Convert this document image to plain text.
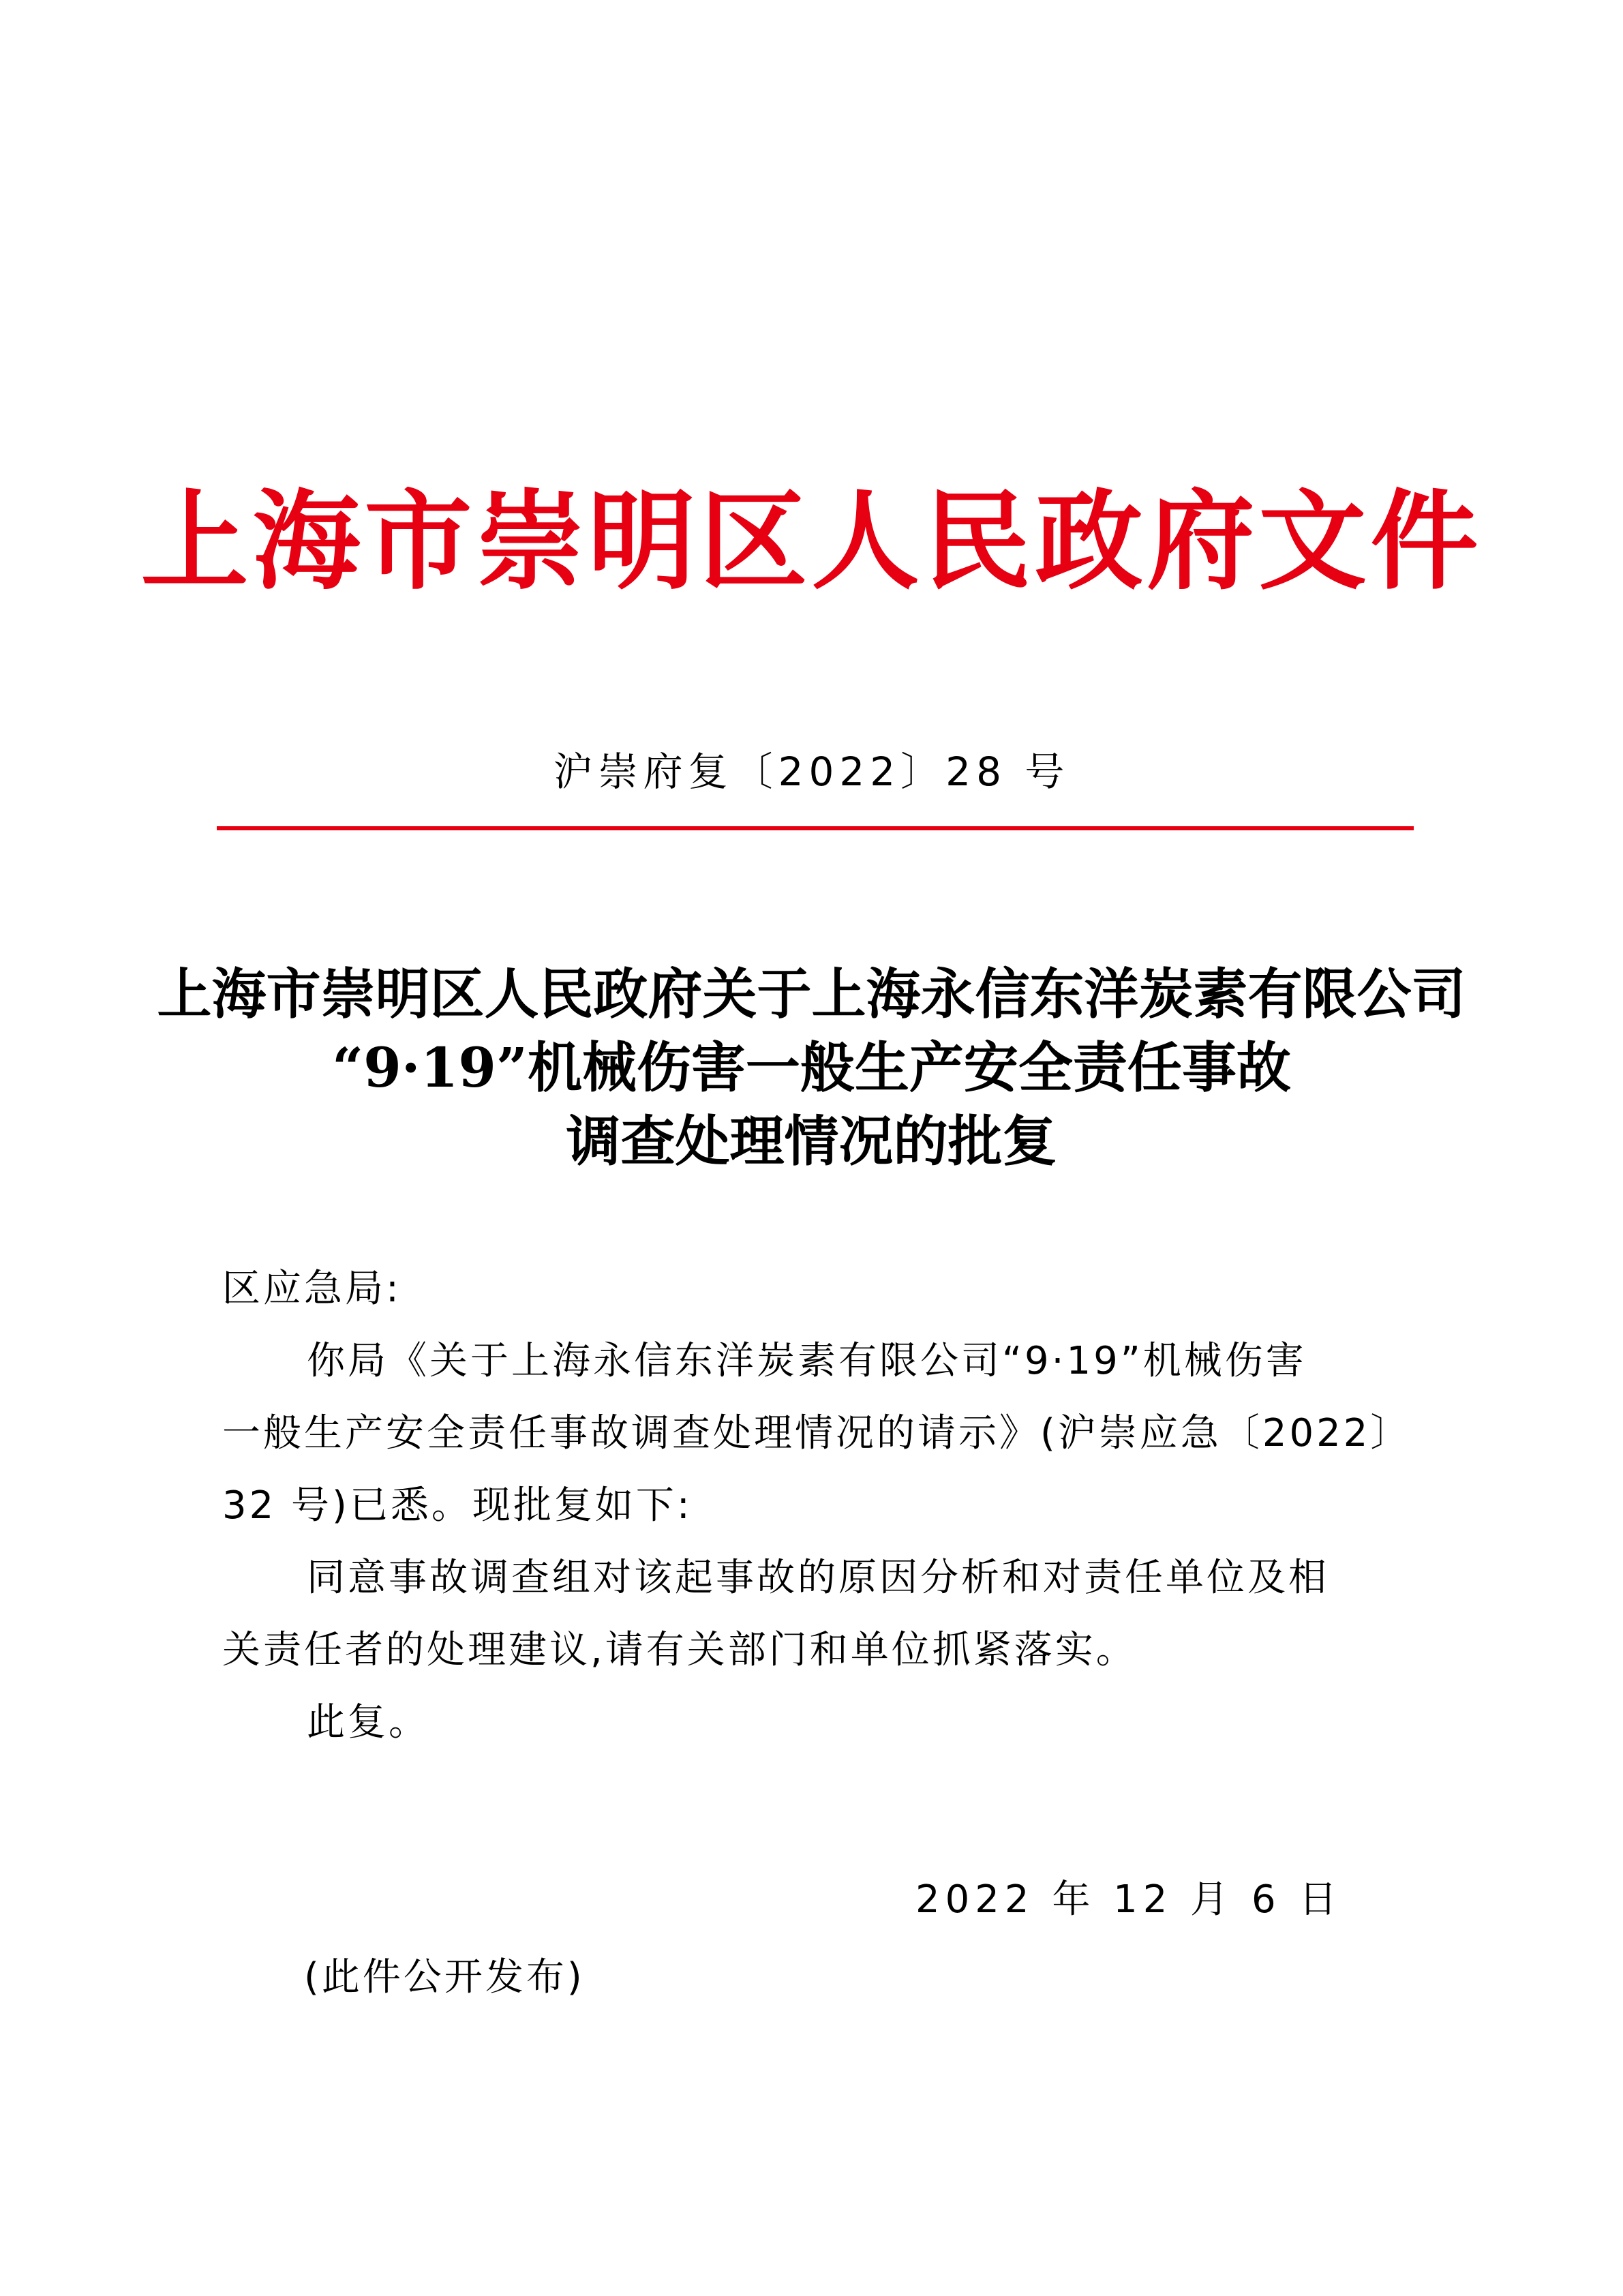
上海市崇明区人民政府文件
沪崇府复〔2022〕28 号
上海市崇明区人民政府关于上海永信东洋炭素有限公司
“9·19”机械伤害一般生产安全责任事故
调查处理情况的批复

区应急局:

你局《关于上海永信东洋炭素有限公司“9·19”机械伤害

一般生产安全责任事故调查处理情况的请示》(沪崇应急〔2022〕

32 号)已悉。现批复如下:

同意事故调查组对该起事故的原因分析和对责任单位及相

关责任者的处理建议,请有关部门和单位抓紧落实。

此复。

2022 年 12 月 6 日
(此件公开发布)
